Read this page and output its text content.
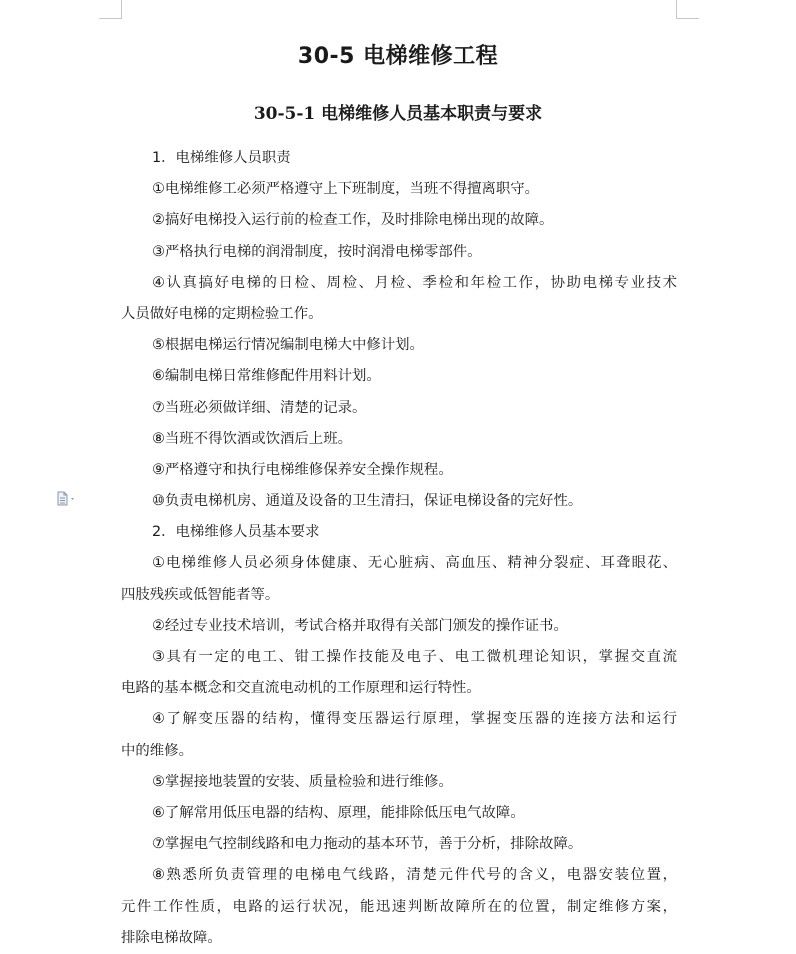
30-5 电梯维修工程
30-5-1 电梯维修人员基本职责与要求
1．电梯维修人员职责
①电梯维修工必须严格遵守上下班制度，当班不得擅离职守。
②搞好电梯投入运行前的检查工作，及时排除电梯出现的故障。
③严格执行电梯的润滑制度，按时润滑电梯零部件。
④认真搞好电梯的日检、周检、月检、季检和年检工作，协助电梯专业技术
人员做好电梯的定期检验工作。
⑤根据电梯运行情况编制电梯大中修计划。
⑥编制电梯日常维修配件用料计划。
⑦当班必须做详细、清楚的记录。
⑧当班不得饮酒或饮酒后上班。
⑨严格遵守和执行电梯维修保养安全操作规程。
⑩负责电梯机房、通道及设备的卫生清扫，保证电梯设备的完好性。
2．电梯维修人员基本要求
①电梯维修人员必须身体健康、无心脏病、高血压、精神分裂症、耳聋眼花、
四肢残疾或低智能者等。
②经过专业技术培训，考试合格并取得有关部门颁发的操作证书。
③具有一定的电工、钳工操作技能及电子、电工微机理论知识，掌握交直流
电路的基本概念和交直流电动机的工作原理和运行特性。
④了解变压器的结构，懂得变压器运行原理，掌握变压器的连接方法和运行
中的维修。
⑤掌握接地装置的安装、质量检验和进行维修。
⑥了解常用低压电器的结构、原理，能排除低压电气故障。
⑦掌握电气控制线路和电力拖动的基本环节，善于分析，排除故障。
⑧熟悉所负责管理的电梯电气线路，清楚元件代号的含义，电器安装位置，
元件工作性质，电路的运行状况，能迅速判断故障所在的位置，制定维修方案，
排除电梯故障。
